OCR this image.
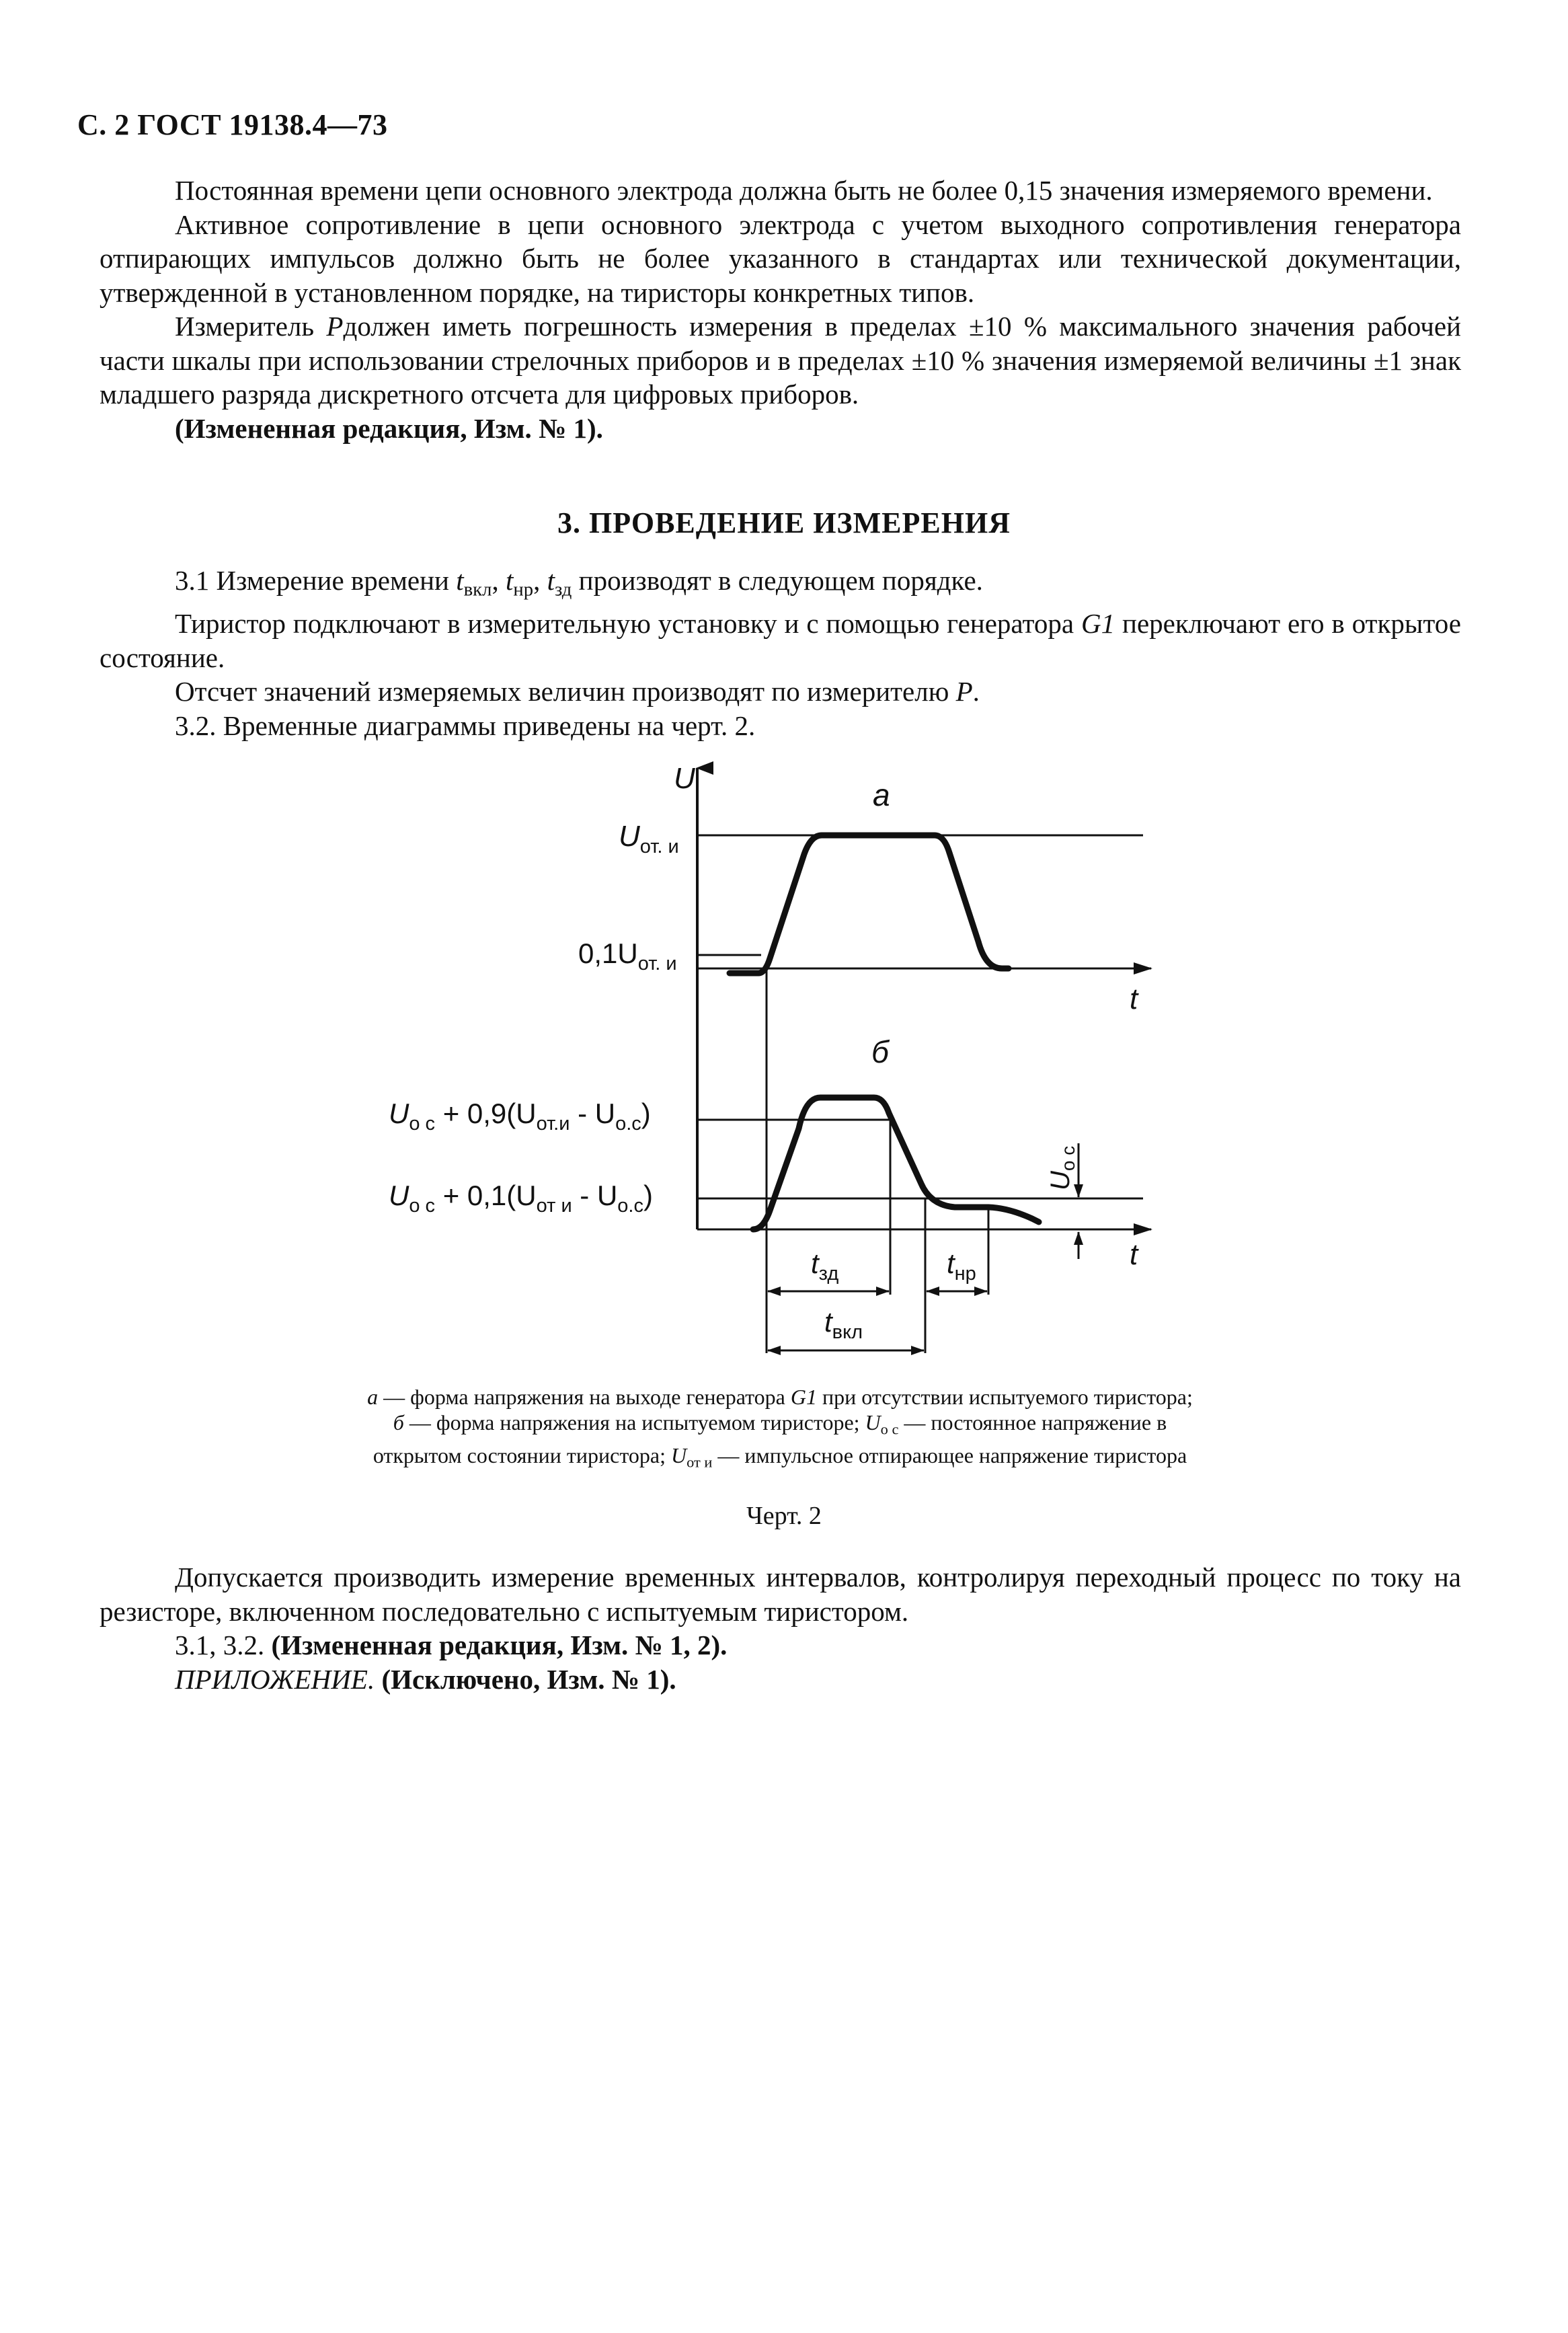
С. 2 ГОСТ 19138.4—73

Постоянная времени цепи основного электрода должна быть не более 0,15 значения измеряемого времени.

Активное сопротивление в цепи основного электрода с учетом выходного сопротивления генератора отпирающих импульсов должно быть не более указанного в стандартах или технической документации, утвержденной в установленном порядке, на тиристоры конкретных типов.

Измеритель Рдолжен иметь погрешность измерения в пределах ±10 % максимального значения рабочей части шкалы при использовании стрелочных приборов и в пределах ±10 % значения измеряемой величины ±1 знак младшего разряда дискретного отсчета для цифровых приборов.

(Измененная редакция, Изм. № 1).

3. ПРОВЕДЕНИЕ ИЗМЕРЕНИЯ

3.1 Измерение времени $t_{вкл}$, $t_{нр}$, $t_{зд}$ производят в следующем порядке.

Тиристор подключают в измерительную установку и с помощью генератора G1 переключают его в открытое состояние.

Отсчет значений измеряемых величин производят по измерителю P.

3.2. Временные диаграммы приведены на черт. 2.

U
t
t
а
б
$U_{от. и}$
$0,1U_{от. и}$
$U_{о с} + 0,9(U_{от.и} - U_{о.с})$
$U_{о с} + 0,1(U_{от и} - U_{о.с})$	$U_{о с}$
$t_{зд}$	$t_{нр}$
$t_{вкл}$
а — форма напряжения на выходе генератора G1 при отсутствии испытуемого тиристора; б — форма напряжения на испытуемом тиристоре; $U_{о с}$ — постоянное напряжение в открытом состоянии тиристора; $U_{от и}$ — импульсное отпирающее напряжение тиристора
Черт. 2

Допускается производить измерение временных интервалов, контролируя переходный процесс по току на резисторе, включенном последовательно с испытуемым тиристором.

3.1, 3.2. (Измененная редакция, Изм. № 1, 2).

ПРИЛОЖЕНИЕ. (Исключено, Изм. № 1).
